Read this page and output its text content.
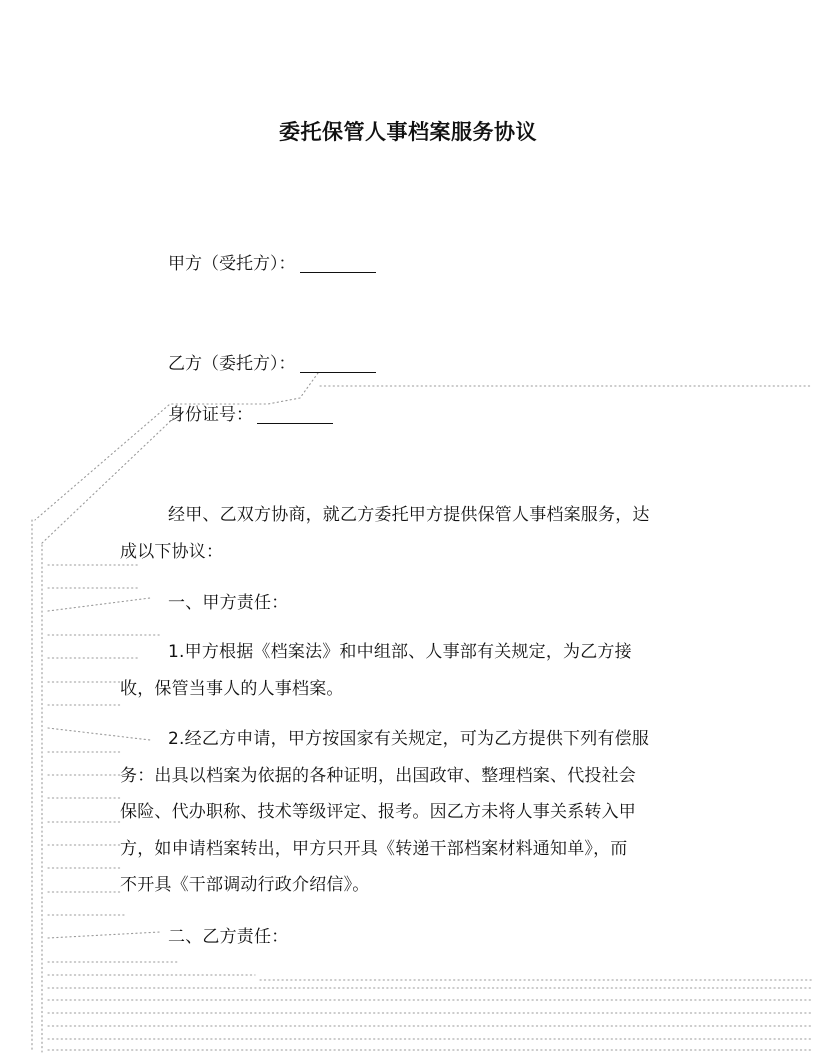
委托保管人事档案服务协议
甲方（受托方）：
乙方（委托方）：
身份证号：
经甲、乙双方协商，就乙方委托甲方提供保管人事档案服务，达
成以下协议：
一、甲方责任：
1.甲方根据《档案法》和中组部、人事部有关规定，为乙方接
收，保管当事人的人事档案。
2.经乙方申请，甲方按国家有关规定，可为乙方提供下列有偿服
务：出具以档案为依据的各种证明，出国政审、整理档案、代投社会
保险、代办职称、技术等级评定、报考。因乙方未将人事关系转入甲
方，如申请档案转出，甲方只开具《转递干部档案材料通知单》，而
不开具《干部调动行政介绍信》。
二、乙方责任：
